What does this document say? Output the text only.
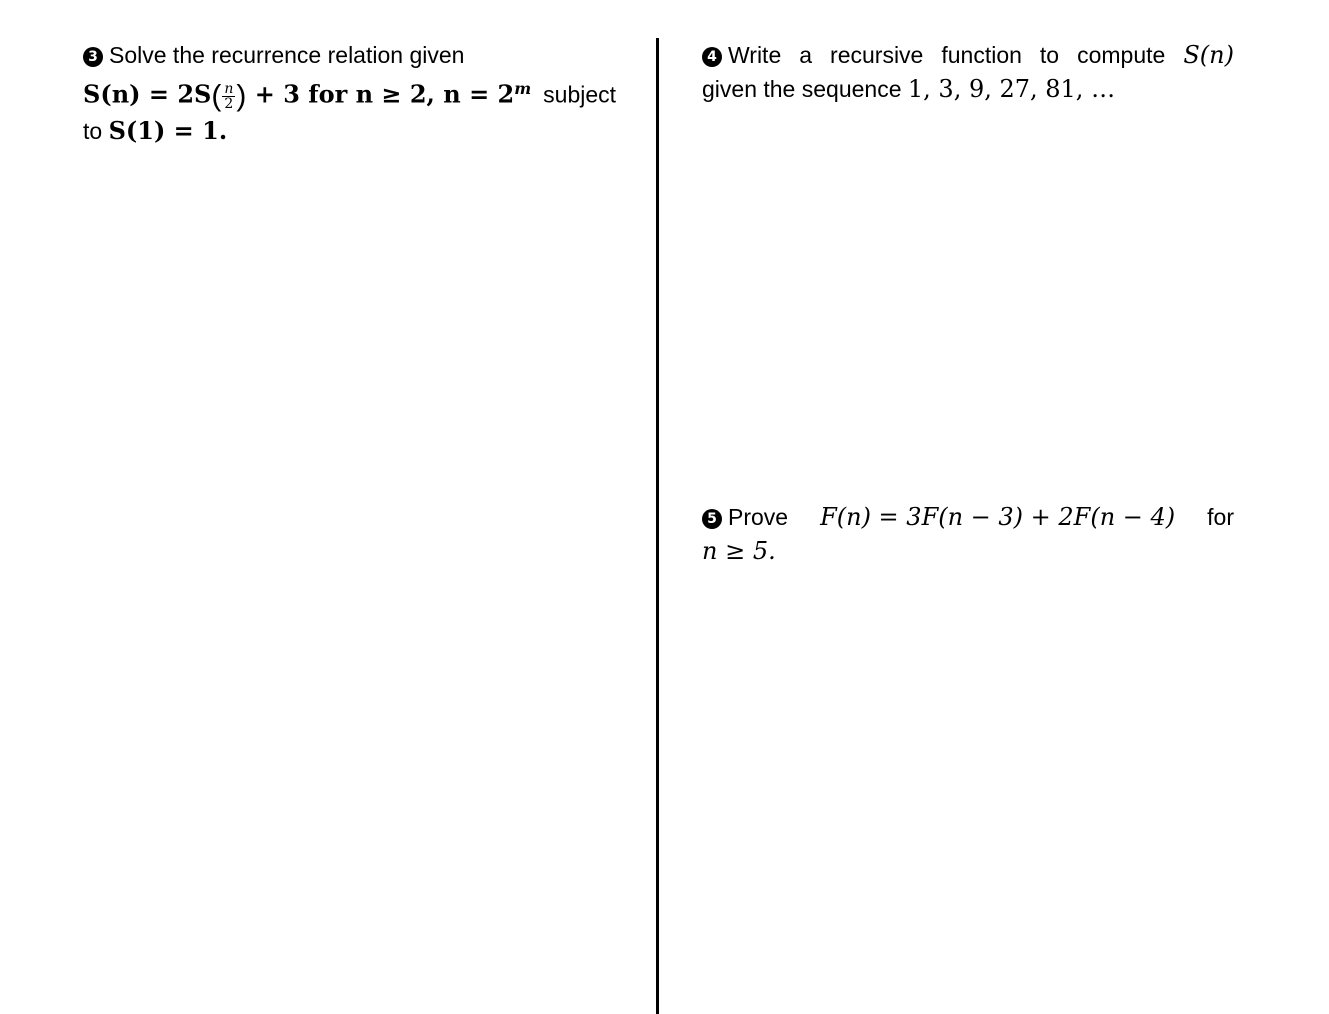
3 Solve the recurrence relation given
$S(n) = 2S( \frac{n}{2}$ ) + 3 for n ≥ 2, $n = 2^m$ subject
to S(1) = 1.
4 Write a recursive function to compute S(n)
given the sequence 1, 3, 9, 27, 81, …
5 Prove F(n) = 3F(n − 3) + 2F(n − 4) for
n ≥ 5.
